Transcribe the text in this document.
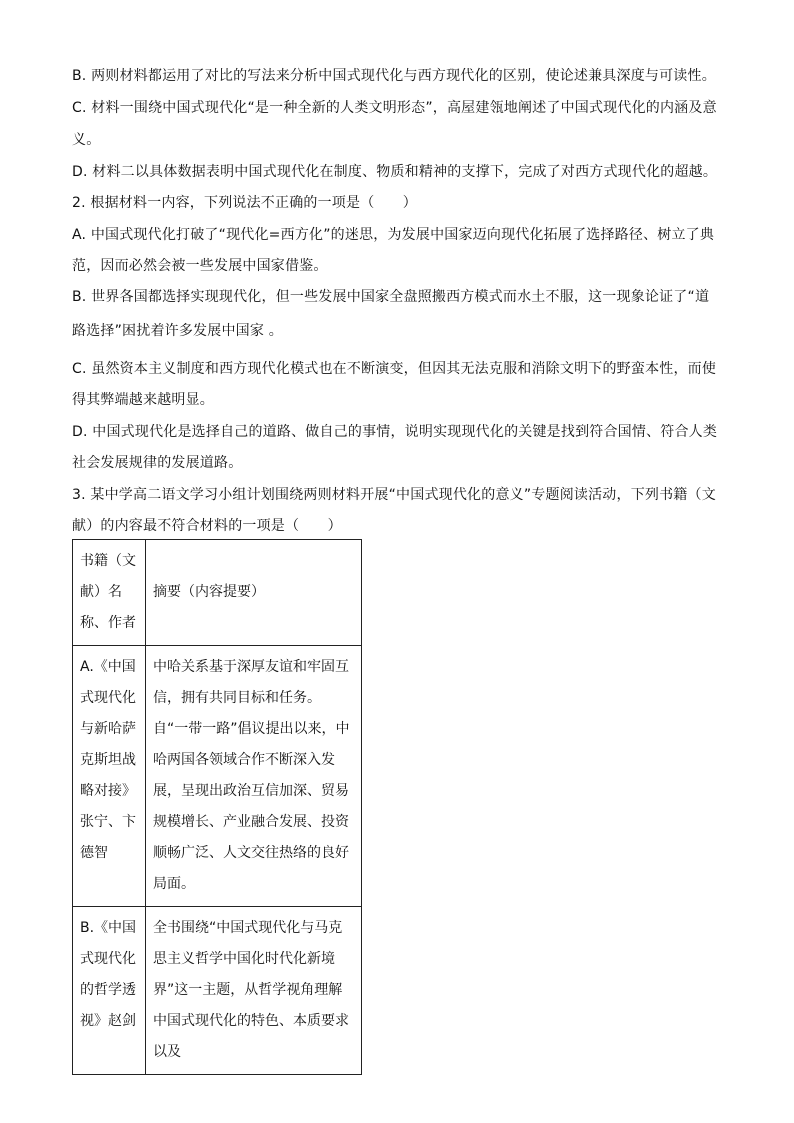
B. 两则材料都运用了对比的写法来分析中国式现代化与西方现代化的区别，使论述兼具深度与可读性。
C. 材料一围绕中国式现代化“是一种全新的人类文明形态”，高屋建瓴地阐述了中国式现代化的内涵及意
义。
D. 材料二以具体数据表明中国式现代化在制度、物质和精神的支撑下，完成了对西方式现代化的超越。
2. 根据材料一内容，下列说法不正确的一项是（　　）
A. 中国式现代化打破了“现代化=西方化”的迷思，为发展中国家迈向现代化拓展了选择路径、树立了典
范，因而必然会被一些发展中国家借鉴。
B. 世界各国都选择实现现代化，但一些发展中国家全盘照搬西方模式而水土不服，这一现象论证了“道
路选择”困扰着许多发展中国家 。
C. 虽然资本主义制度和西方现代化模式也在不断演变，但因其无法克服和消除文明下的野蛮本性，而使
得其弊端越来越明显。
D. 中国式现代化是选择自己的道路、做自己的事情，说明实现现代化的关键是找到符合国情、符合人类
社会发展规律的发展道路。
3. 某中学高二语文学习小组计划围绕两则材料开展“中国式现代化的意义”专题阅读活动，下列书籍（文
献）的内容最不符合材料的一项是（　　）
书籍（文献）名称、作者	摘要（内容提要）
A.《中国式现代化与新哈萨克斯坦战略对接》张宁、卞德智	中哈关系基于深厚友谊和牢固互信，拥有共同目标和任务。自“一带一路”倡议提出以来，中哈两国各领域合作不断深入发展，呈现出政治互信加深、贸易规模增长、产业融合发展、投资顺畅广泛、人文交往热络的良好局面。
B.《中国式现代化的哲学透视》赵剑	全书围绕“中国式现代化与马克思主义哲学中国化时代化新境界”这一主题，从哲学视角理解中国式现代化的特色、本质要求以及
